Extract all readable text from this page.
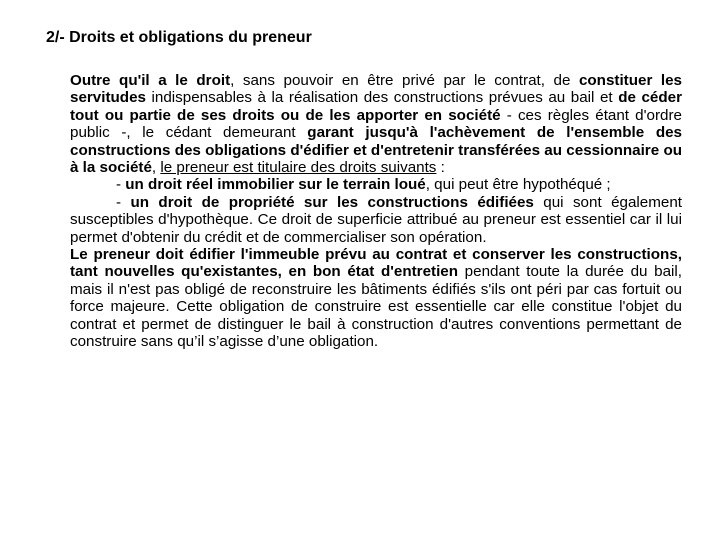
2/- Droits et obligations du preneur

Outre qu'il a le droit, sans pouvoir en être privé par le contrat, de constituer les servitudes indispensables à la réalisation des constructions prévues au bail et de céder tout ou partie de ses droits ou de les apporter en société - ces règles étant d'ordre public -, le cédant demeurant garant jusqu'à l'achèvement de l'ensemble des constructions des obligations d'édifier et d'entretenir transférées au cessionnaire ou à la société, le preneur est titulaire des droits suivants :

- un droit réel immobilier sur le terrain loué, qui peut être hypothéqué ;

- un droit de propriété sur les constructions édifiées qui sont également susceptibles d'hypothèque. Ce droit de superficie attribué au preneur est essentiel car il lui permet d'obtenir du crédit et de commercialiser son opération.

Le preneur doit édifier l'immeuble prévu au contrat et conserver les constructions, tant nouvelles qu'existantes, en bon état d'entretien pendant toute la durée du bail, mais il n'est pas obligé de reconstruire les bâtiments édifiés s'ils ont péri par cas fortuit ou force majeure. Cette obligation de construire est essentielle car elle constitue l'objet du contrat et permet de distinguer le bail à construction d'autres conventions permettant de construire sans qu’il s’agisse d’une obligation.
